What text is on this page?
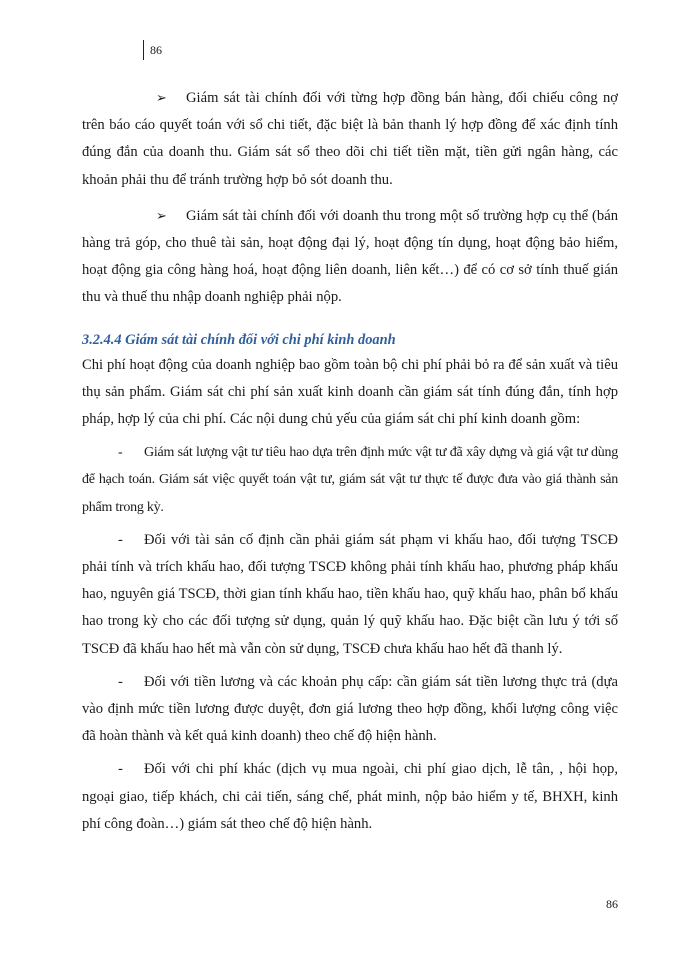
86

➢ Giám sát tài chính đối với từng hợp đồng bán hàng, đối chiếu công nợ trên báo cáo quyết toán với sổ chi tiết, đặc biệt là bản thanh lý hợp đồng để xác định tính đúng đắn của doanh thu. Giám sát sổ theo dõi chi tiết tiền mặt, tiền gửi ngân hàng, các khoản phải thu để tránh trường hợp bỏ sót doanh thu.

➢ Giám sát tài chính đối với doanh thu trong một số trường hợp cụ thể (bán hàng trả góp, cho thuê tài sản, hoạt động đại lý, hoạt động tín dụng, hoạt động bảo hiểm, hoạt động gia công hàng hoá, hoạt động liên doanh, liên kết…) để có cơ sở tính thuế gián thu và thuế thu nhập doanh nghiệp phải nộp.

3.2.4.4 Giám sát tài chính đối với chi phí kinh doanh

Chi phí hoạt động của doanh nghiệp bao gồm toàn bộ chi phí phải bỏ ra để sản xuất và tiêu thụ sản phẩm. Giám sát chi phí sản xuất kinh doanh cần giám sát tính đúng đắn, tính hợp pháp, hợp lý của chi phí. Các nội dung chủ yếu của giám sát chi phí kinh doanh gồm:

- Giám sát lượng vật tư tiêu hao dựa trên định mức vật tư đã xây dựng và giá vật tư dùng để hạch toán. Giám sát việc quyết toán vật tư, giám sát vật tư thực tế được đưa vào giá thành sản phẩm trong kỳ.

- Đối với tài sản cố định cần phải giám sát phạm vi khấu hao, đối tượng TSCĐ phải tính và trích khấu hao, đối tượng TSCĐ không phải tính khấu hao, phương pháp khấu hao, nguyên giá TSCĐ, thời gian tính khấu hao, tiền khấu hao, quỹ khấu hao, phân bổ khấu hao trong kỳ cho các đối tượng sử dụng, quản lý quỹ khấu hao. Đặc biệt cần lưu ý tới số TSCĐ đã khấu hao hết mà vẫn còn sử dụng, TSCĐ chưa khấu hao hết đã thanh lý.

- Đối với tiền lương và các khoản phụ cấp: cần giám sát tiền lương thực trả (dựa vào định mức tiền lương được duyệt, đơn giá lương theo hợp đồng, khối lượng công việc đã hoàn thành và kết quả kinh doanh) theo chế độ hiện hành.

- Đối với chi phí khác (dịch vụ mua ngoài, chi phí giao dịch, lễ tân, , hội họp, ngoại giao, tiếp khách, chi cải tiến, sáng chế, phát minh, nộp bảo hiểm y tế, BHXH, kinh phí công đoàn…) giám sát theo chế độ hiện hành.

86
